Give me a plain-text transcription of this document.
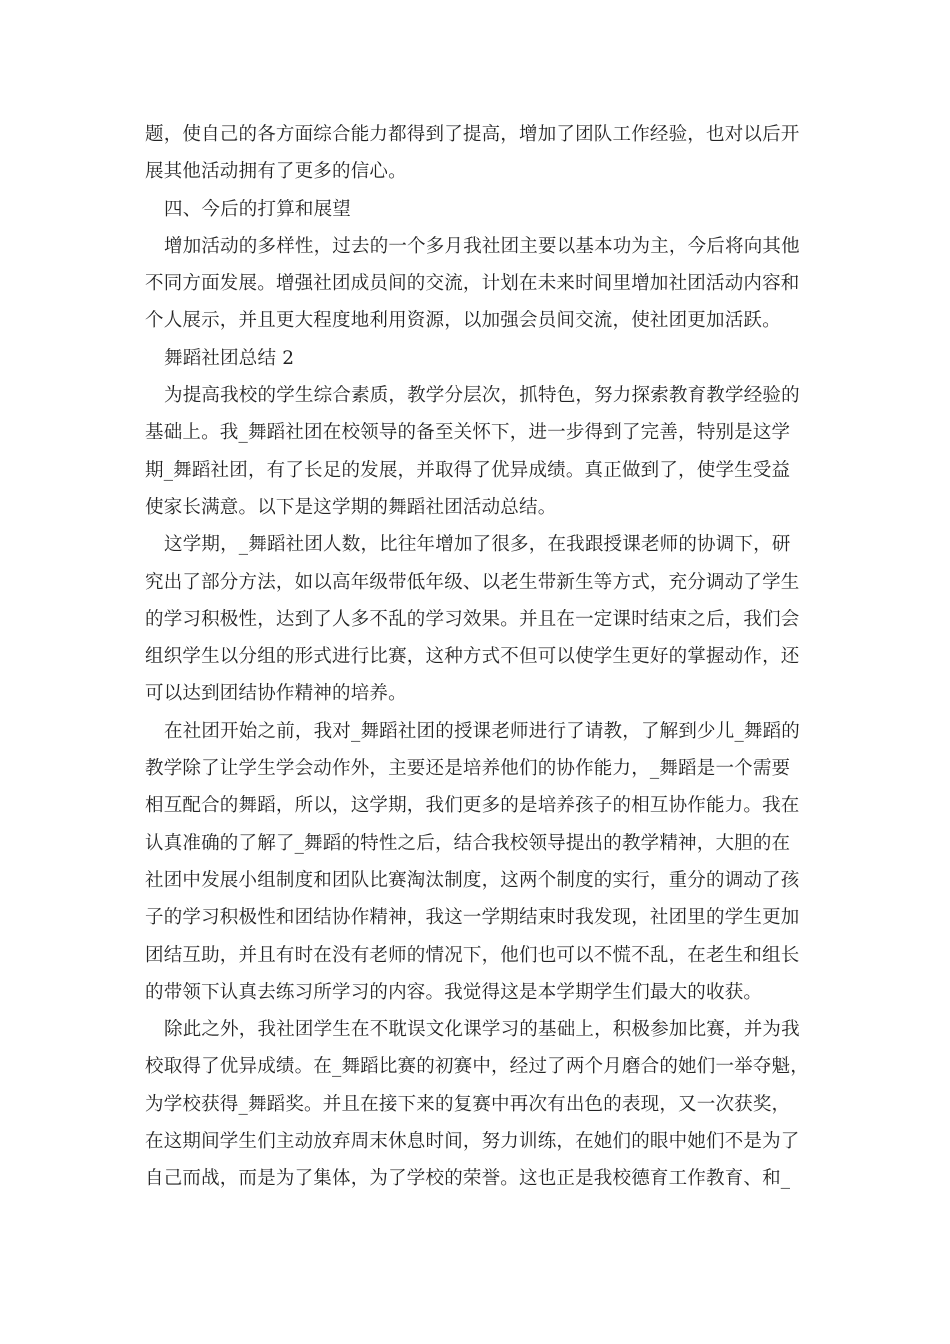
题，使自己的各方面综合能力都得到了提高，增加了团队工作经验，也对以后开
展其他活动拥有了更多的信心。
四、今后的打算和展望
增加活动的多样性，过去的一个多月我社团主要以基本功为主，今后将向其他
不同方面发展。增强社团成员间的交流，计划在未来时间里增加社团活动内容和
个人展示，并且更大程度地利用资源，以加强会员间交流，使社团更加活跃。
舞蹈社团总结 2
为提高我校的学生综合素质，教学分层次，抓特色，努力探索教育教学经验的
基础上。我_舞蹈社团在校领导的备至关怀下，进一步得到了完善，特别是这学
期_舞蹈社团，有了长足的发展，并取得了优异成绩。真正做到了，使学生受益
使家长满意。以下是这学期的舞蹈社团活动总结。
这学期，_舞蹈社团人数，比往年增加了很多，在我跟授课老师的协调下，研
究出了部分方法，如以高年级带低年级、以老生带新生等方式，充分调动了学生
的学习积极性，达到了人多不乱的学习效果。并且在一定课时结束之后，我们会
组织学生以分组的形式进行比赛，这种方式不但可以使学生更好的掌握动作，还
可以达到团结协作精神的培养。
在社团开始之前，我对_舞蹈社团的授课老师进行了请教，了解到少儿_舞蹈的
教学除了让学生学会动作外，主要还是培养他们的协作能力，_舞蹈是一个需要
相互配合的舞蹈，所以，这学期，我们更多的是培养孩子的相互协作能力。我在
认真准确的了解了_舞蹈的特性之后，结合我校领导提出的教学精神，大胆的在
社团中发展小组制度和团队比赛淘汰制度，这两个制度的实行，重分的调动了孩
子的学习积极性和团结协作精神，我这一学期结束时我发现，社团里的学生更加
团结互助，并且有时在没有老师的情况下，他们也可以不慌不乱，在老生和组长
的带领下认真去练习所学习的内容。我觉得这是本学期学生们最大的收获。
除此之外，我社团学生在不耽误文化课学习的基础上，积极参加比赛，并为我
校取得了优异成绩。在_舞蹈比赛的初赛中，经过了两个月磨合的她们一举夺魁，
为学校获得_舞蹈奖。并且在接下来的复赛中再次有出色的表现，又一次获奖，
在这期间学生们主动放弃周末休息时间，努力训练，在她们的眼中她们不是为了
自己而战，而是为了集体，为了学校的荣誉。这也正是我校德育工作教育、和_
